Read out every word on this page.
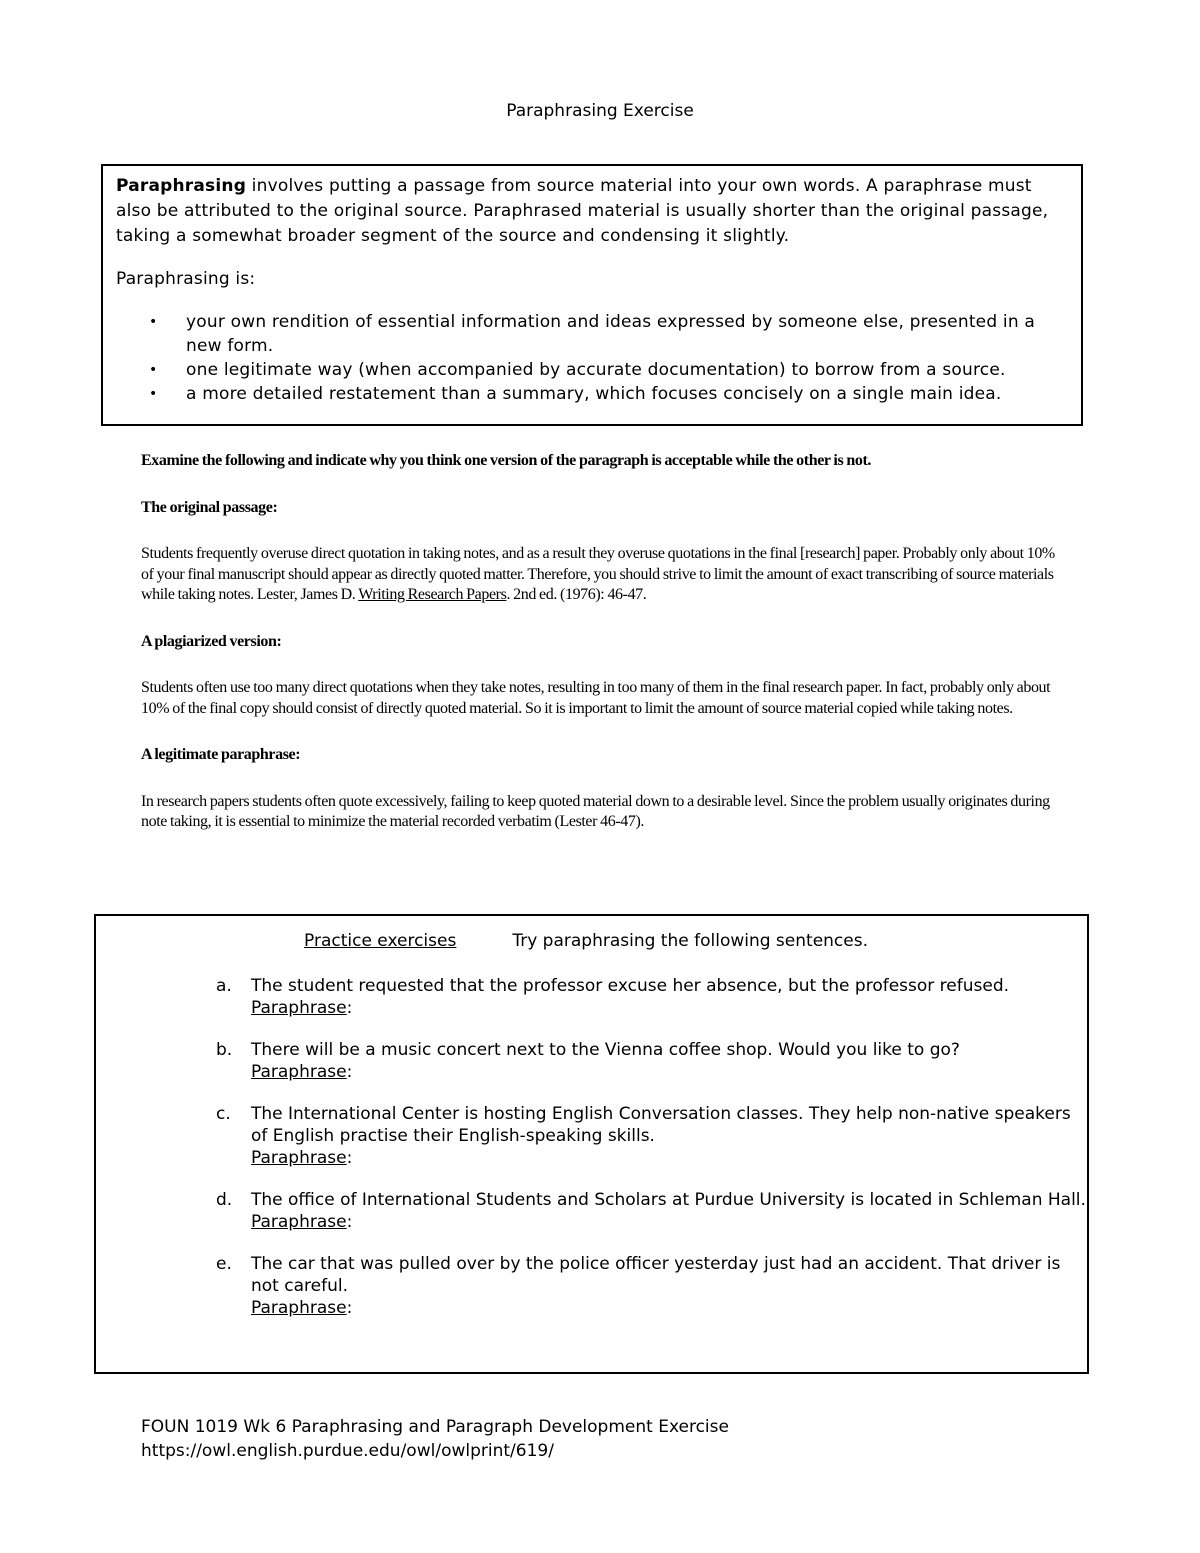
Paraphrasing Exercise

Paraphrasing involves putting a passage from source material into your own words. A paraphrase must also be attributed to the original source. Paraphrased material is usually shorter than the original passage, taking a somewhat broader segment of the source and condensing it slightly.

Paraphrasing is:

• your own rendition of essential information and ideas expressed by someone else, presented in a new form.
• one legitimate way (when accompanied by accurate documentation) to borrow from a source.
• a more detailed restatement than a summary, which focuses concisely on a single main idea.

Examine the following and indicate why you think one version of the paragraph is acceptable while the other is not.

The original passage:

Students frequently overuse direct quotation in taking notes, and as a result they overuse quotations in the final [research] paper. Probably only about 10% of your final manuscript should appear as directly quoted matter. Therefore, you should strive to limit the amount of exact transcribing of source materials while taking notes. Lester, James D. Writing Research Papers. 2nd ed. (1976): 46-47.

A plagiarized version:

Students often use too many direct quotations when they take notes, resulting in too many of them in the final research paper. In fact, probably only about 10% of the final copy should consist of directly quoted material. So it is important to limit the amount of source material copied while taking notes.

A legitimate paraphrase:

In research papers students often quote excessively, failing to keep quoted material down to a desirable level. Since the problem usually originates during note taking, it is essential to minimize the material recorded verbatim (Lester 46-47).

Practice exercises	Try paraphrasing the following sentences.
a. The student requested that the professor excuse her absence, but the professor refused.
Paraphrase:
b. There will be a music concert next to the Vienna coffee shop. Would you like to go?
Paraphrase:
c. The International Center is hosting English Conversation classes. They help non-native speakers of English practise their English-speaking skills.
Paraphrase:
d. The office of International Students and Scholars at Purdue University is located in Schleman Hall.
Paraphrase:
e. The car that was pulled over by the police officer yesterday just had an accident. That driver is not careful.
Paraphrase:
FOUN 1019 Wk 6 Paraphrasing and Paragraph Development Exercise
https://owl.english.purdue.edu/owl/owlprint/619/
